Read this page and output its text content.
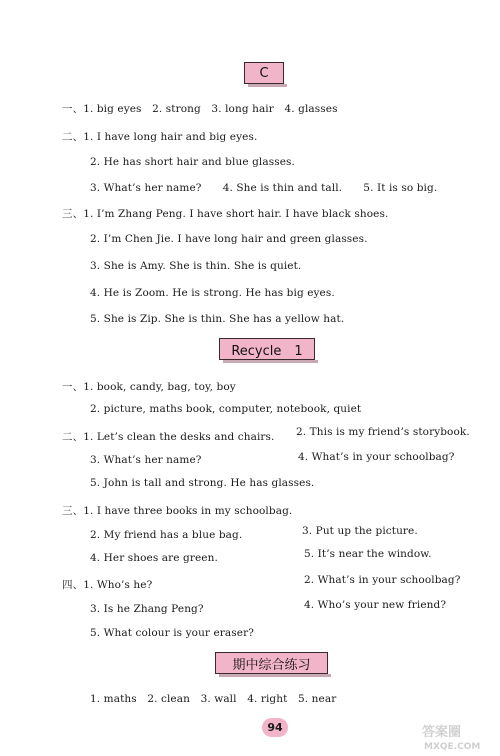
C
一、1. big eyes　2. strong　3. long hair　4. glasses
二、1. I have long hair and big eyes.
2. He has short hair and blue glasses.
3. What’s her name?　　4. She is thin and tall.　　5. It is so big.
三、1. I’m Zhang Peng. I have short hair. I have black shoes.
2. I’m Chen Jie. I have long hair and green glasses.
3. She is Amy. She is thin. She is quiet.
4. He is Zoom. He is strong. He has big eyes.
5. She is Zip. She is thin. She has a yellow hat.
Recycle　1
一、1. book, candy, bag, toy, boy
2. picture, maths book, computer, notebook, quiet
二、1. Let’s clean the desks and chairs. 2. This is my friend’s storybook.
3. What’s her name?	4. What’s in your schoolbag?
5. John is tall and strong. He has glasses.
三、1. I have three books in my schoolbag.
2. My friend has a blue bag.	3. Put up the picture.
4. Her shoes are green.	5. It’s near the window.
四、1. Who’s he?	2. What’s in your schoolbag?
3. Is he Zhang Peng?	4. Who’s your new friend?
5. What colour is your eraser?
期中综合练习
1. maths　2. clean　3. wall　4. right　5. near
94	答案圈
MXQE.COM
